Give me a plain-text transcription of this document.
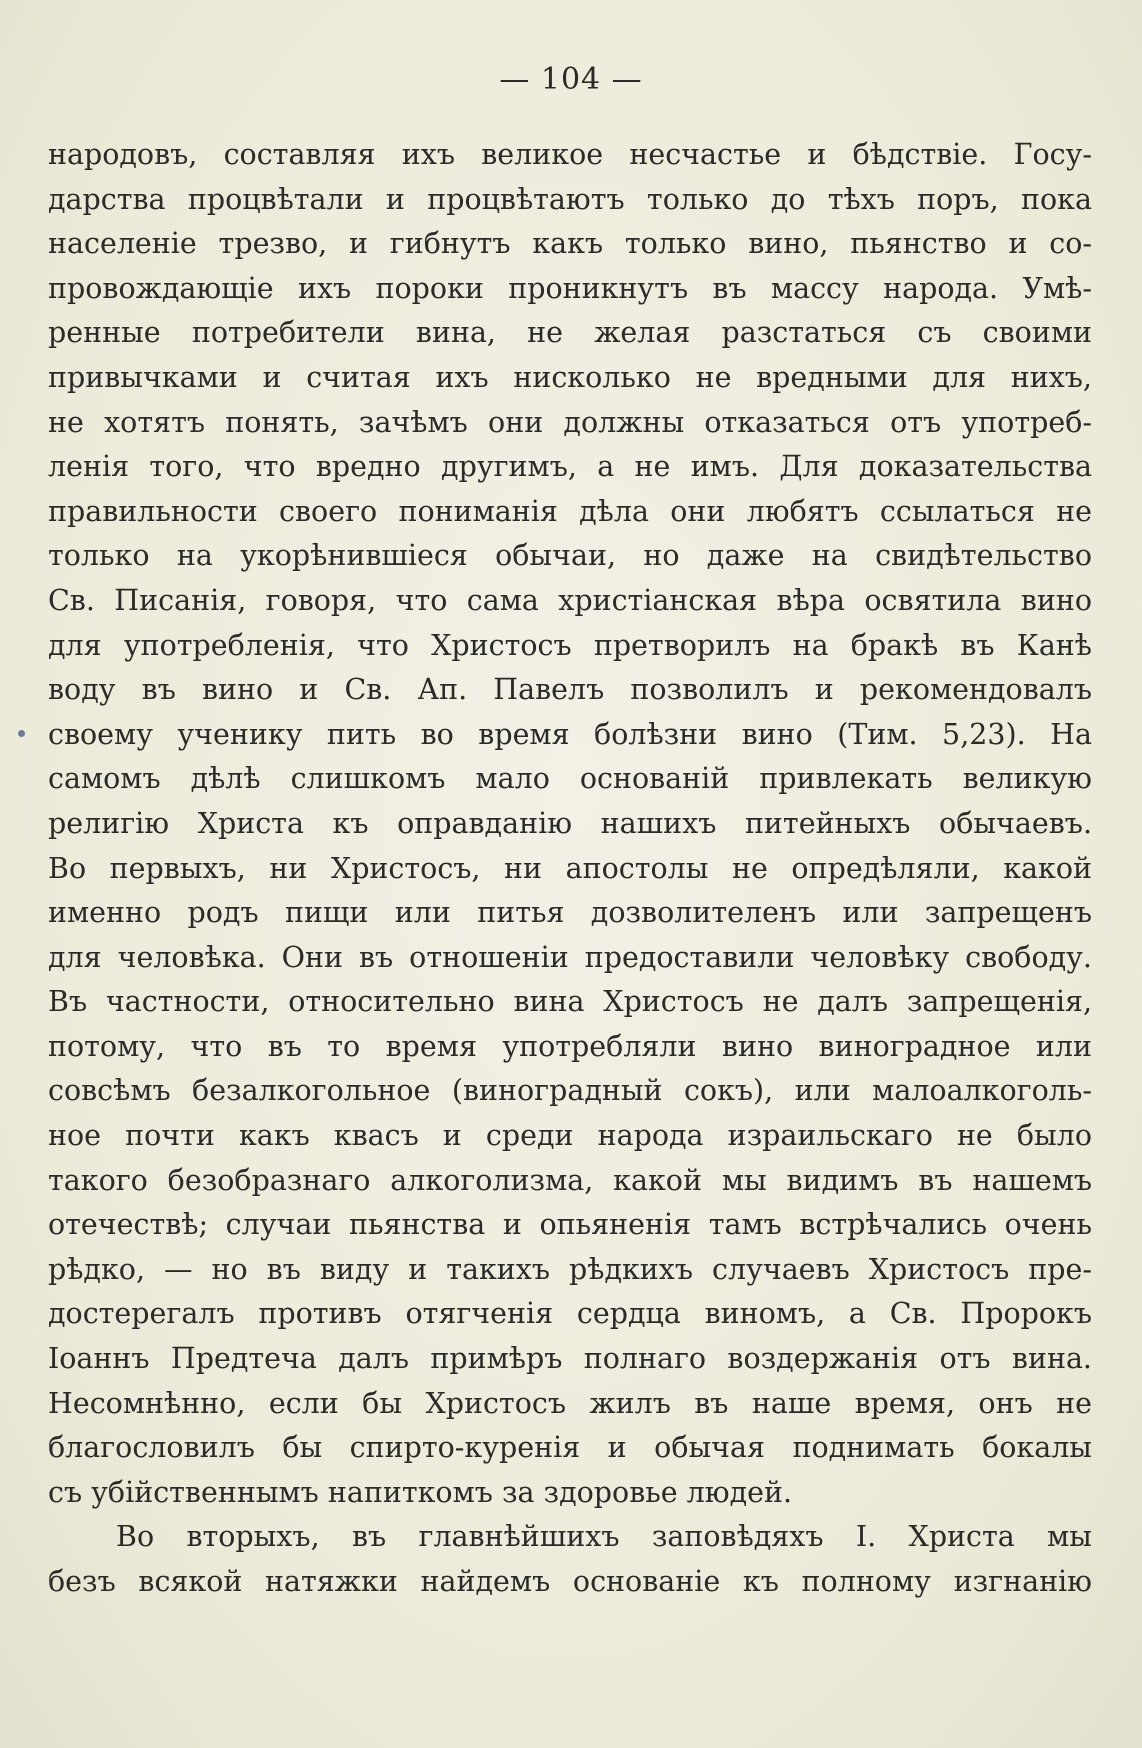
— 104 —
народовъ, составляя ихъ великое несчастье и бѣдствіе. Госу-
дарства процвѣтали и процвѣтаютъ только до тѣхъ поръ, пока
населеніе трезво, и гибнутъ какъ только вино, пьянство и со-
провождающіе ихъ пороки проникнутъ въ массу народа. Умѣ-
ренные потребители вина, не желая разстаться съ своими
привычками и считая ихъ нисколько не вредными для нихъ,
не хотятъ понять, зачѣмъ они должны отказаться отъ употреб-
ленія того, что вредно другимъ, а не имъ. Для доказательства
правильности своего пониманія дѣла они любятъ ссылаться не
только на укорѣнившіеся обычаи, но даже на свидѣтельство
Св. Писанія, говоря, что сама христіанская вѣра освятила вино
для употребленія, что Христосъ претворилъ на бракѣ въ Канѣ
воду въ вино и Св. Ап. Павелъ позволилъ и рекомендовалъ
своему ученику пить во время болѣзни вино (Тим. 5,23). На
самомъ дѣлѣ слишкомъ мало основаній привлекать великую
религію Христа къ оправданію нашихъ питейныхъ обычаевъ.
Во первыхъ, ни Христосъ, ни апостолы не опредѣляли, какой
именно родъ пищи или питья дозволителенъ или запрещенъ
для человѣка. Они въ отношеніи предоставили человѣку свободу.
Въ частности, относительно вина Христосъ не далъ запрещенія,
потому, что въ то время употребляли вино виноградное или
совсѣмъ безалкогольное (виноградный сокъ), или малоалкоголь-
ное почти какъ квасъ и среди народа израильскаго не было
такого безобразнаго алкоголизма, какой мы видимъ въ нашемъ
отечествѣ; случаи пьянства и опьяненія тамъ встрѣчались очень
рѣдко, — но въ виду и такихъ рѣдкихъ случаевъ Христосъ пре-
достерегалъ противъ отягченія сердца виномъ, а Св. Пророкъ
Іоаннъ Предтеча далъ примѣръ полнаго воздержанія отъ вина.
Несомнѣнно, если бы Христосъ жилъ въ наше время, онъ не
благословилъ бы спирто-куренія и обычая поднимать бокалы
съ убійственнымъ напиткомъ за здоровье людей.
Во вторыхъ, въ главнѣйшихъ заповѣдяхъ І. Христа мы
безъ всякой натяжки найдемъ основаніе къ полному изгнанію
